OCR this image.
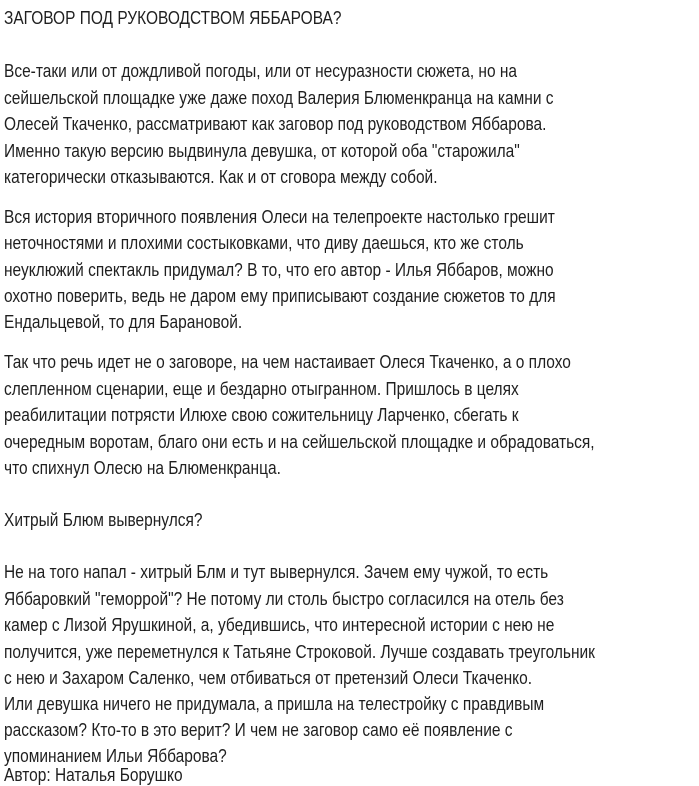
ЗАГОВОР ПОД РУКОВОДСТВОМ ЯББАРОВА?
Все-таки или от дождливой погоды, или от несуразности сюжета, но на
сейшельской площадке уже даже поход Валерия Блюменкранца на камни с
Олесей Ткаченко, рассматривают как заговор под руководством Яббарова.
Именно такую версию выдвинула девушка, от которой оба "старожила"
категорически отказываются. Как и от сговора между собой.
Вся история вторичного появления Олеси на телепроекте настолько грешит
неточностями и плохими состыковками, что диву даешься, кто же столь
неуклюжий спектакль придумал? В то, что его автор - Илья Яббаров, можно
охотно поверить, ведь не даром ему приписывают создание сюжетов то для
Ендальцевой, то для Барановой.
Так что речь идет не о заговоре, на чем настаивает Олеся Ткаченко, а о плохо
слепленном сценарии, еще и бездарно отыгранном. Пришлось в целях
реабилитации потрясти Илюхе свою сожительницу Ларченко, сбегать к
очередным воротам, благо они есть и на сейшельской площадке и обрадоваться,
что спихнул Олесю на Блюменкранца.
Хитрый Блюм вывернулся?
Не на того напал - хитрый Блм и тут вывернулся. Зачем ему чужой, то есть
Яббаровкий "геморрой"? Не потому ли столь быстро согласился на отель без
камер с Лизой Ярушкиной, а, убедившись, что интересной истории с нею не
получится, уже переметнулся к Татьяне Строковой. Лучше создавать треугольник
с нею и Захаром Саленко, чем отбиваться от претензий Олеси Ткаченко.
Или девушка ничего не придумала, а пришла на телестройку с правдивым
рассказом? Кто-то в это верит? И чем не заговор само её появление с
упоминанием Ильи Яббарова?
Автор: Наталья Борушко
